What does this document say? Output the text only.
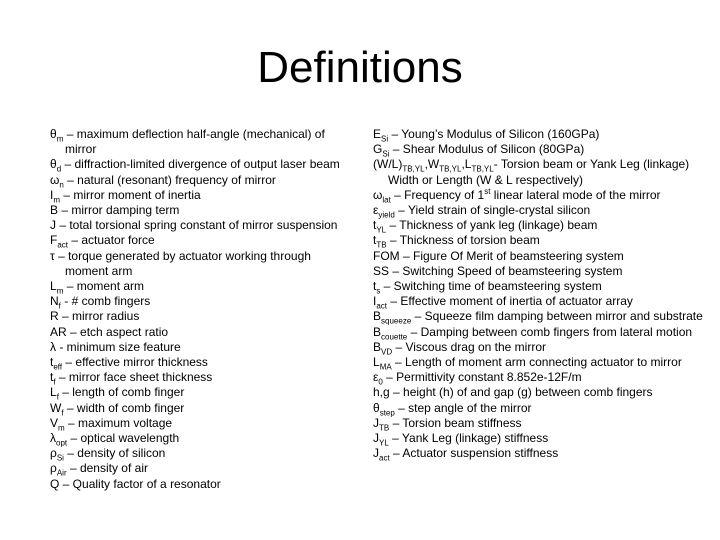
Definitions
$\theta_m$ – maximum deflection half-angle (mechanical) of mirror
$\theta_d$ – diffraction-limited divergence of output laser beam
$\omega_n$ – natural (resonant) frequency of mirror
$I_m$ – mirror moment of inertia
B – mirror damping term
J – total torsional spring constant of mirror suspension
$F_{act}$ – actuator force
τ – torque generated by actuator working through moment arm
$L_m$ – moment arm
$N_f$ - # comb fingers
R – mirror radius
AR – etch aspect ratio
λ - minimum size feature
$t_{eff}$ – effective mirror thickness
$t_f$ – mirror face sheet thickness
$L_f$ – length of comb finger
$W_f$ – width of comb finger
$V_m$ – maximum voltage
$\lambda_{opt}$ – optical wavelength
$\rho_{Si}$ – density of silicon
$\rho_{Air}$ – density of air
Q – Quality factor of a resonator
$E_{Si}$ – Young’s Modulus of Silicon (160GPa)
$G_{Si}$ – Shear Modulus of Silicon (80GPa)
$(W/L)_{TB,YL},W_{TB,YL},L_{TB,YL}-$ Torsion beam or Yank Leg (linkage) Width or Length (W & L respectively)
$\omega_{lat}$ – Frequency of 1st linear lateral mode of the mirror
$\varepsilon_{yield}$ – Yield strain of single-crystal silicon
$t_{YL}$ – Thickness of yank leg (linkage) beam
$t_{TB}$ – Thickness of torsion beam
FOM – Figure Of Merit of beamsteering system
SS – Switching Speed of beamsteering system
$t_s$ – Switching time of beamsteering system
$I_{act}$ – Effective moment of inertia of actuator array
$B_{squeeze}$ – Squeeze film damping between mirror and substrate
$B_{couette}$ – Damping between comb fingers from lateral motion
$B_{VD}$ – Viscous drag on the mirror
$L_{MA}$ – Length of moment arm connecting actuator to mirror
$\varepsilon_0$ – Permittivity constant 8.852e-12F/m
h,g – height (h) of and gap (g) between comb fingers
$\theta_{step}$ – step angle of the mirror
$J_{TB}$ – Torsion beam stiffness
$J_{YL}$ – Yank Leg (linkage) stiffness
$J_{act}$ – Actuator suspension stiffness
